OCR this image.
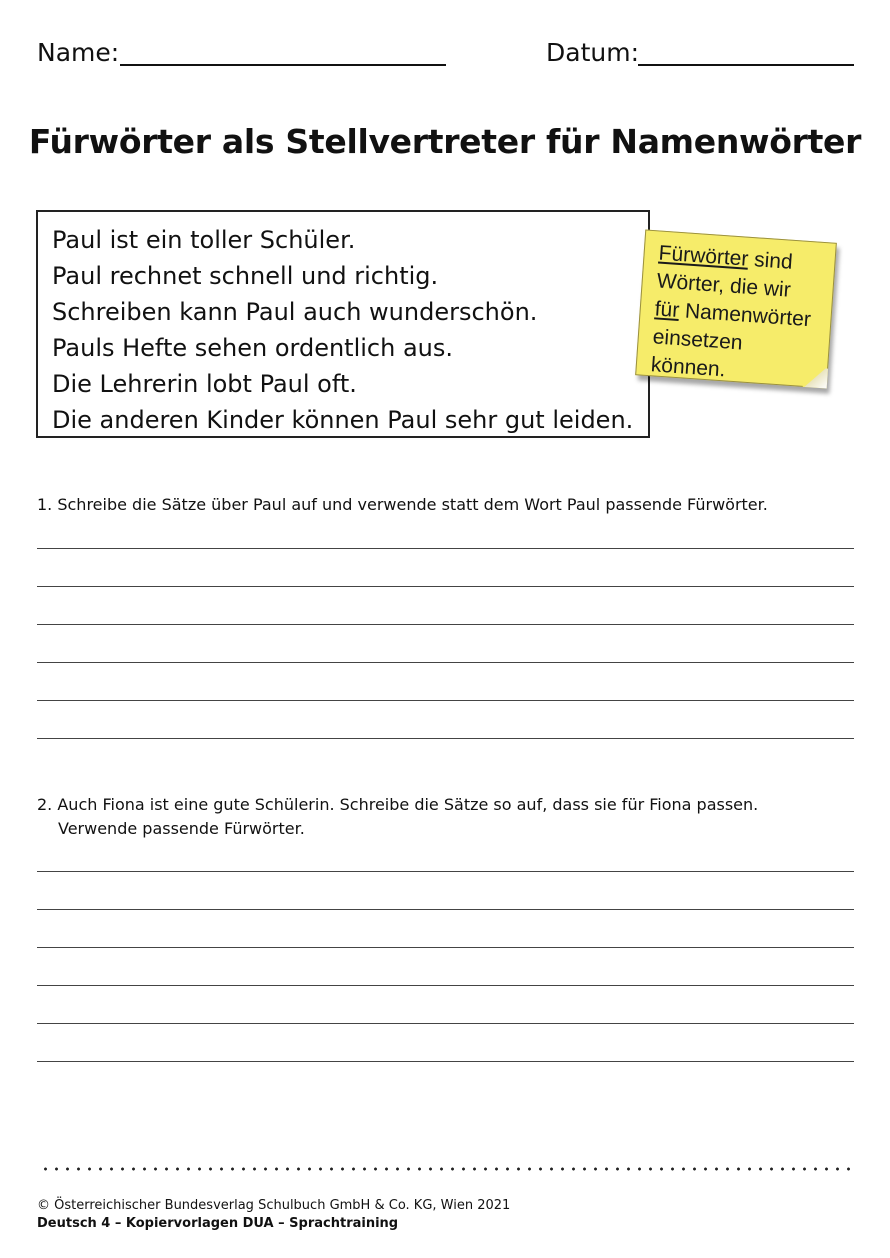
Name:	Datum:
Fürwörter als Stellvertreter für Namenwörter
Paul ist ein toller Schüler.
Paul rechnet schnell und richtig.
Schreiben kann Paul auch wunderschön.
Pauls Hefte sehen ordentlich aus.
Die Lehrerin lobt Paul oft.
Die anderen Kinder können Paul sehr gut leiden.
Fürwörter sind
Wörter, die wir
für Namenwörter
einsetzen können.
1. Schreibe die Sätze über Paul auf und verwende statt dem Wort Paul passende Fürwörter.
2. Auch Fiona ist eine gute Schülerin. Schreibe die Sätze so auf, dass sie für Fiona passen.
Verwende passende Fürwörter.
© Österreichischer Bundesverlag Schulbuch GmbH & Co. KG, Wien 2021
Deutsch 4 – Kopiervorlagen DUA – Sprachtraining
